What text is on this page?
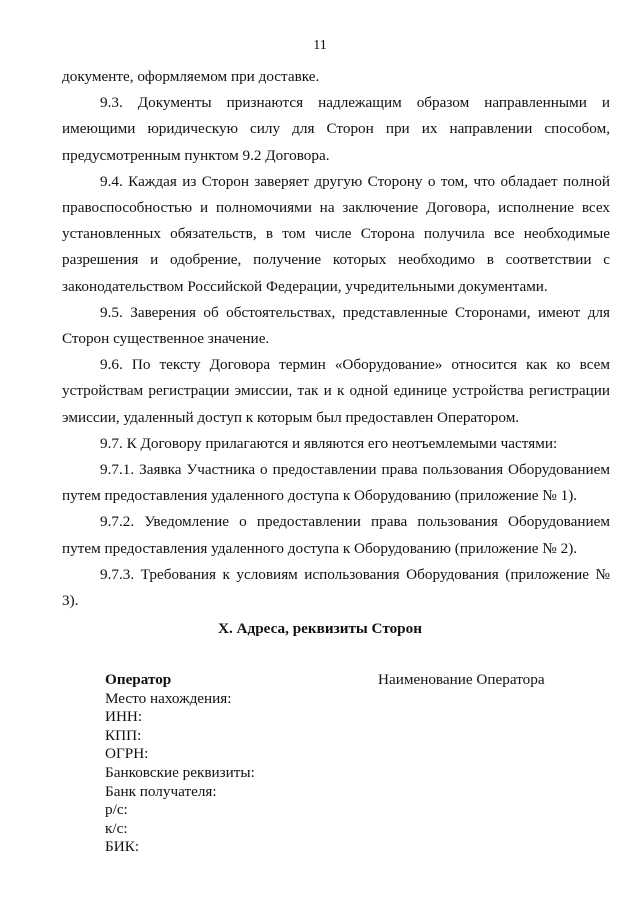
11

документе, оформляемом при доставке.

9.3. Документы признаются надлежащим образом направленными и имеющими юридическую силу для Сторон при их направлении способом, предусмотренным пунктом 9.2 Договора.

9.4. Каждая из Сторон заверяет другую Сторону о том, что обладает полной правоспособностью и полномочиями на заключение Договора, исполнение всех установленных обязательств, в том числе Сторона получила все необходимые разрешения и одобрение, получение которых необходимо в соответствии с законодательством Российской Федерации, учредительными документами.

9.5. Заверения об обстоятельствах, представленные Сторонами, имеют для Сторон существенное значение.

9.6. По тексту Договора термин «Оборудование» относится как ко всем устройствам регистрации эмиссии, так и к одной единице устройства регистрации эмиссии, удаленный доступ к которым был предоставлен Оператором.

9.7. К Договору прилагаются и являются его неотъемлемыми частями:

9.7.1. Заявка Участника о предоставлении права пользования Оборудованием путем предоставления удаленного доступа к Оборудованию (приложение № 1).

9.7.2. Уведомление о предоставлении права пользования Оборудованием путем предоставления удаленного доступа к Оборудованию (приложение № 2).

9.7.3. Требования к условиям использования Оборудования (приложение № 3).

X. Адреса, реквизиты Сторон
Оператор
Место нахождения:
ИНН:
КПП:
ОГРН:
Банковские реквизиты:
Банк получателя:
р/с:
к/с:
БИК:
Наименование Оператора
